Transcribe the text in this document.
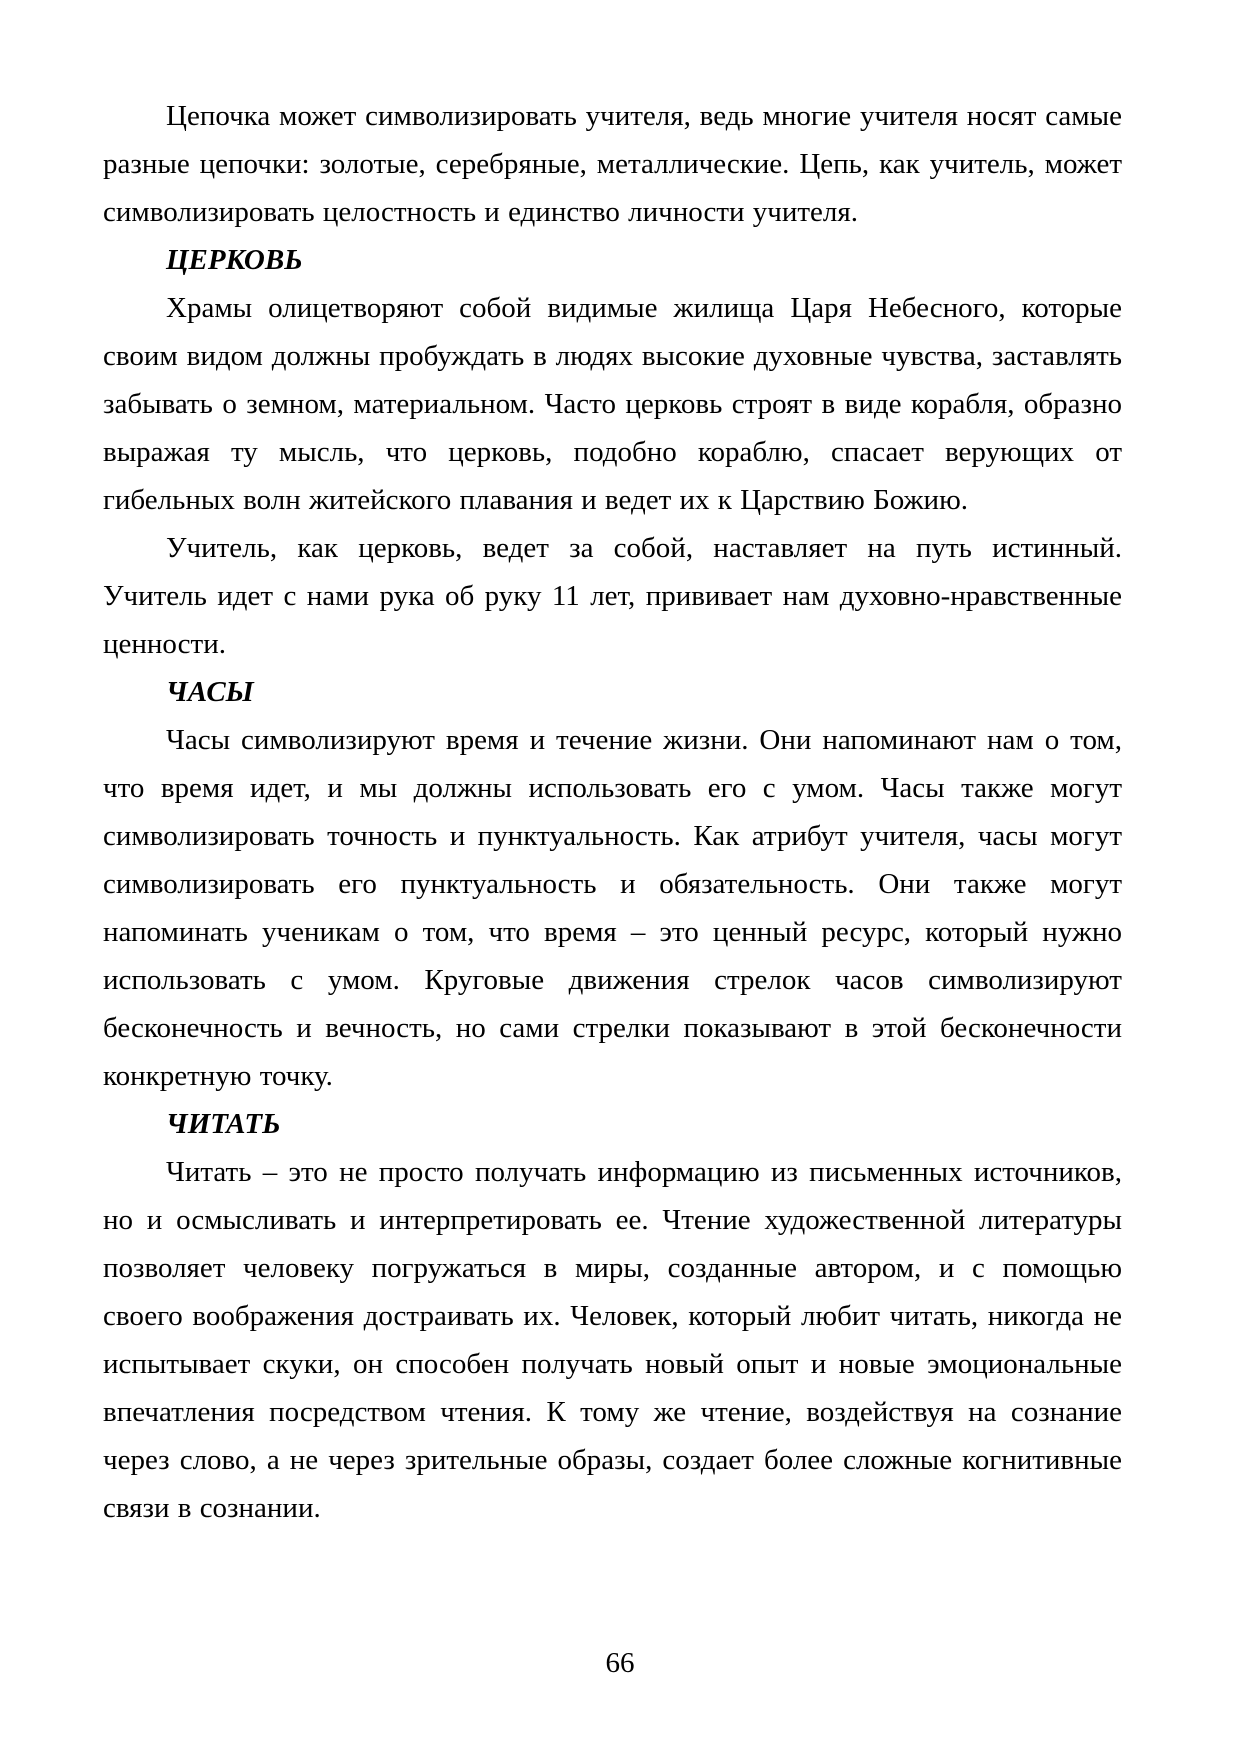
Цепочка может символизировать учителя, ведь многие учителя носят самые разные цепочки: золотые, серебряные, металлические. Цепь, как учитель, может символизировать целостность и единство личности учителя.

ЦЕРКОВЬ

Храмы олицетворяют собой видимые жилища Царя Небесного, которые своим видом должны пробуждать в людях высокие духовные чувства, заставлять забывать о земном, материальном. Часто церковь строят в виде корабля, образно выражая ту мысль, что церковь, подобно кораблю, спасает верующих от гибельных волн житейского плавания и ведет их к Царствию Божию.

Учитель, как церковь, ведет за собой, наставляет на путь истинный. Учитель идет с нами рука об руку 11 лет, прививает нам духовно-нравственные ценности.

ЧАСЫ

Часы символизируют время и течение жизни. Они напоминают нам о том, что время идет, и мы должны использовать его с умом. Часы также могут символизировать точность и пунктуальность. Как атрибут учителя, часы могут символизировать его пунктуальность и обязательность. Они также могут напоминать ученикам о том, что время – это ценный ресурс, который нужно использовать с умом. Круговые движения стрелок часов символизируют бесконечность и вечность, но сами стрелки показывают в этой бесконечности конкретную точку.

ЧИТАТЬ

Читать – это не просто получать информацию из письменных источников, но и осмысливать и интерпретировать ее. Чтение художественной литературы позволяет человеку погружаться в миры, созданные автором, и с помощью своего воображения достраивать их. Человек, который любит читать, никогда не испытывает скуки, он способен получать новый опыт и новые эмоциональные впечатления посредством чтения. К тому же чтение, воздействуя на сознание через слово, а не через зрительные образы, создает более сложные когнитивные связи в сознании.

66
